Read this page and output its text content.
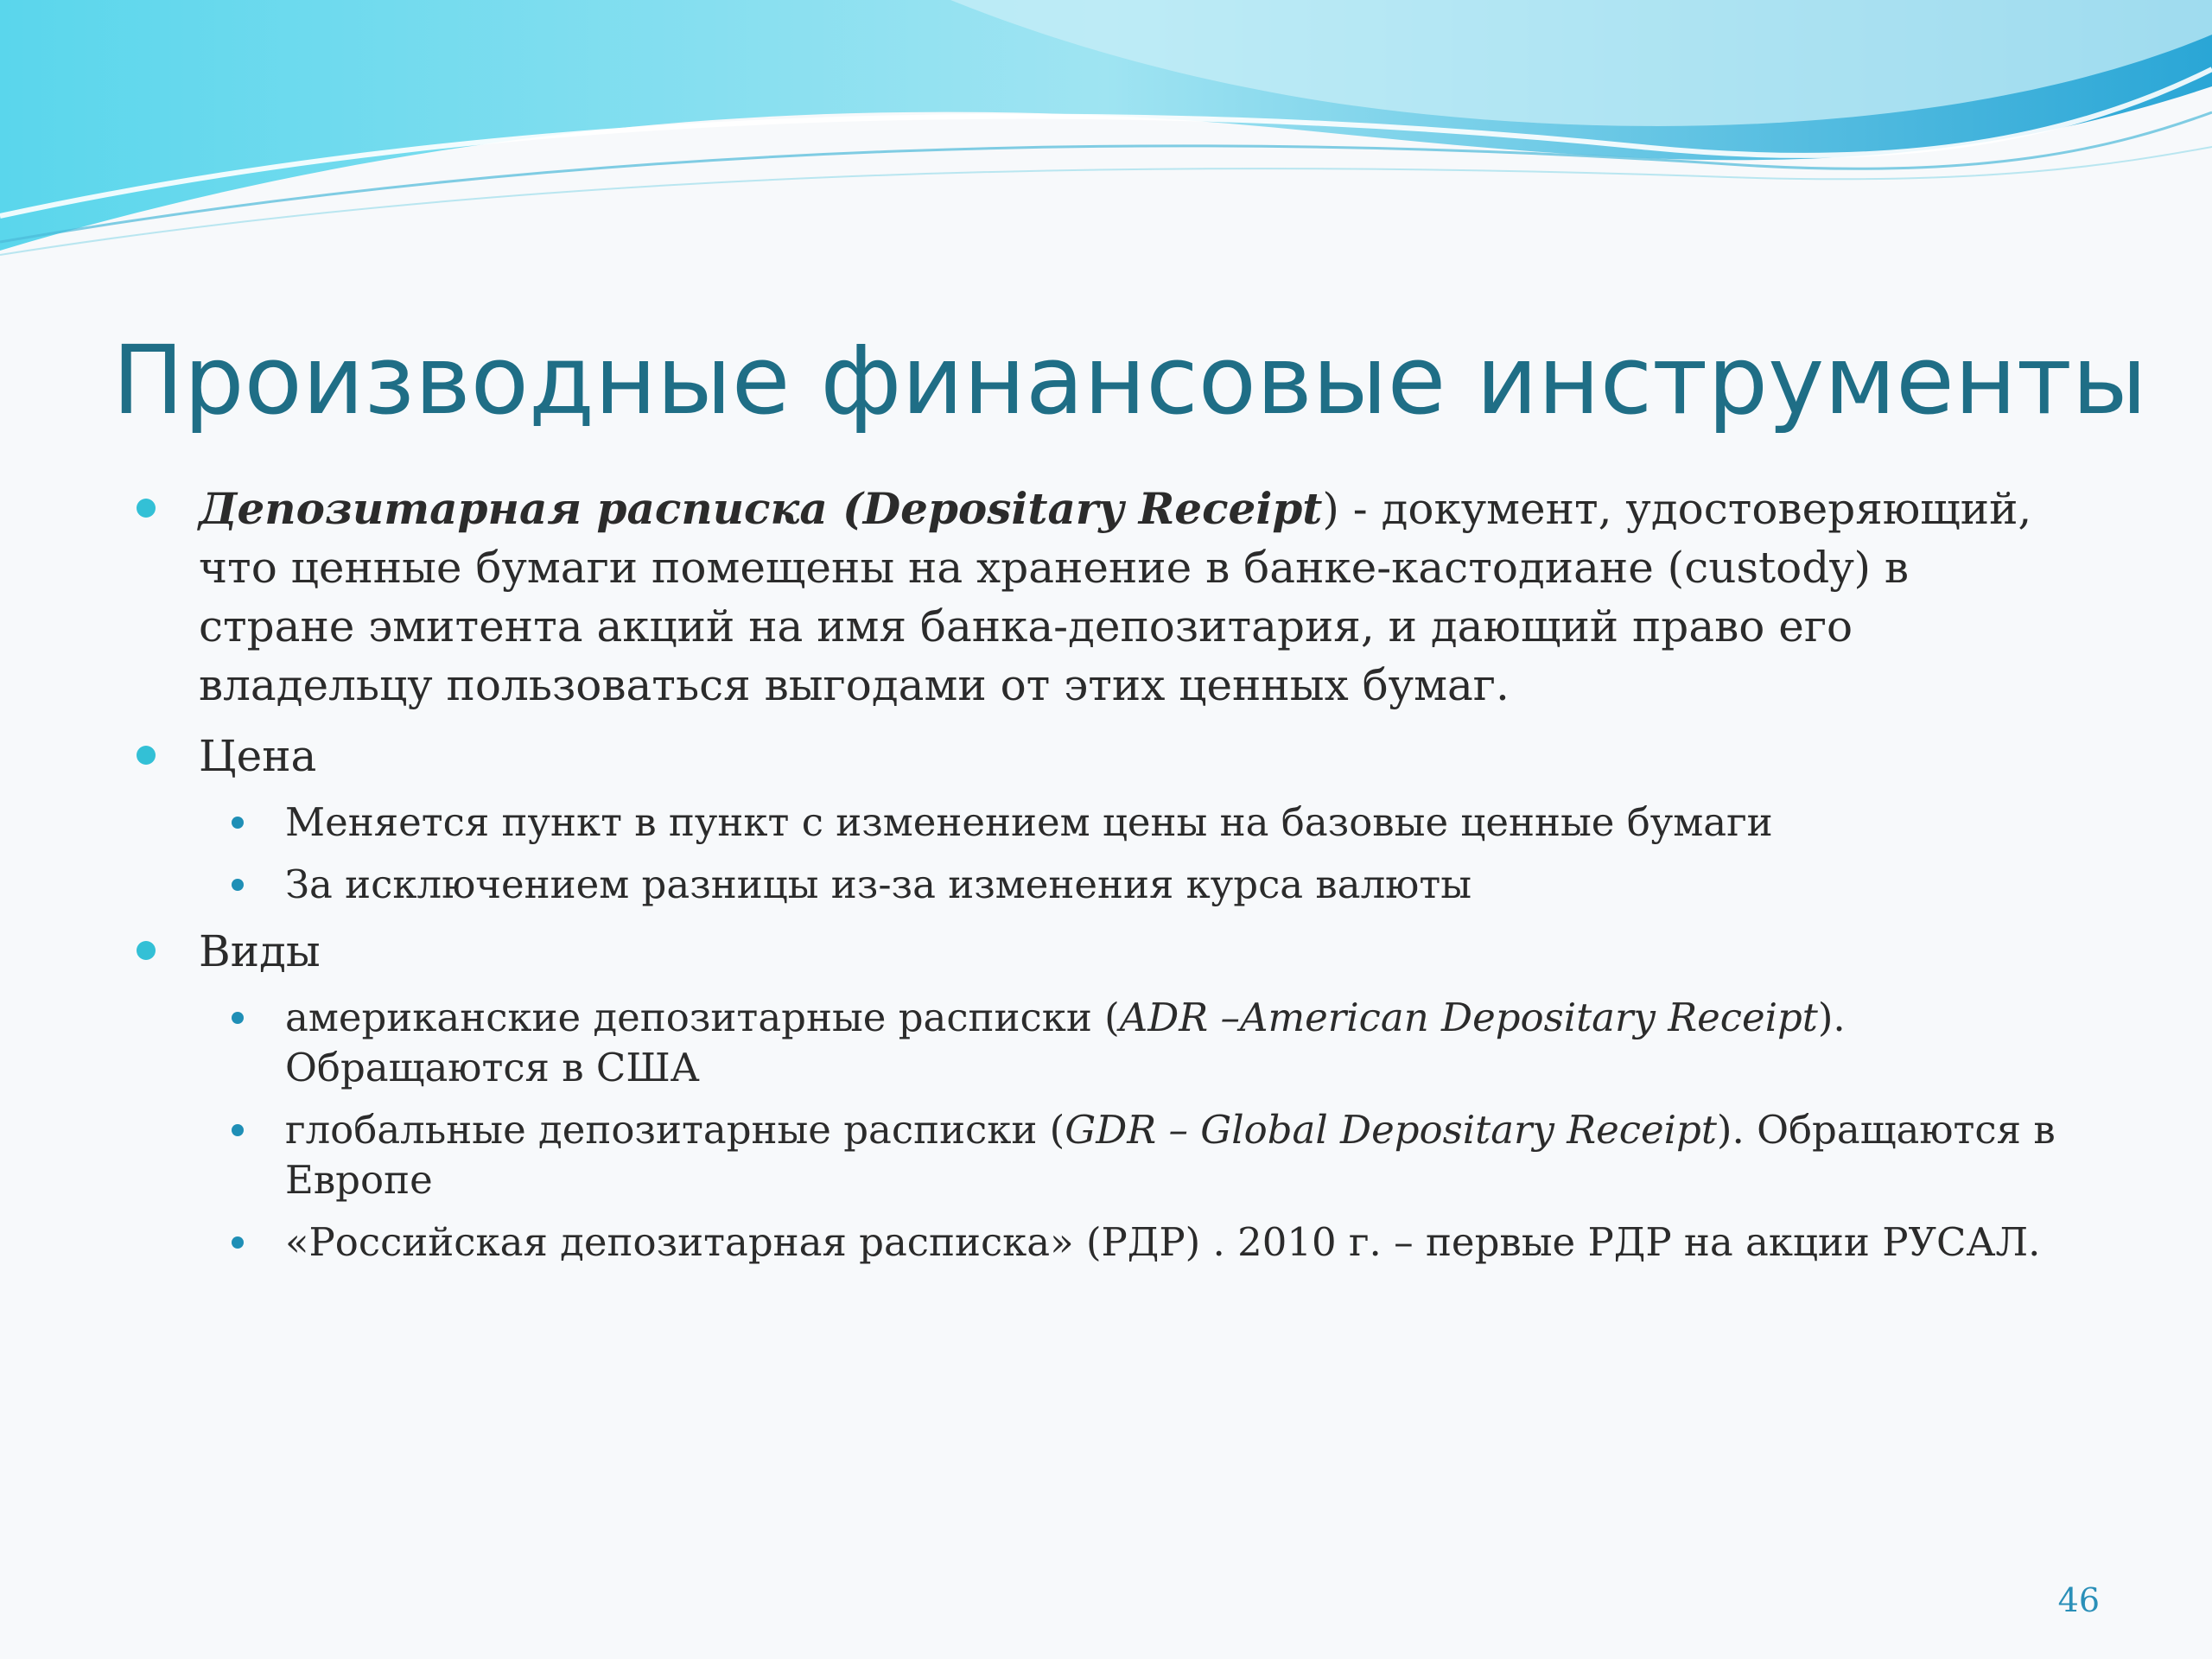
Производные финансовые инструменты
Депозитарная расписка (Depositary Receipt) - документ, удостоверяющий, что ценные бумаги помещены на хранение в банке-кастодиане (custody) в стране эмитента акций на имя банка-депозитария, и дающий право его владельцу пользоваться выгодами от этих ценных бумаг.
Цена
Меняется пункт в пункт с изменением цены на базовые ценные бумаги
За исключением разницы из-за изменения курса валюты
Виды
американские депозитарные расписки (ADR –American Depositary Receipt). Обращаются в США
глобальные депозитарные расписки (GDR – Global Depositary Receipt). Обращаются в Европе
«Российская депозитарная расписка» (РДР) . 2010 г. – первые РДР на акции РУСАЛ.
46
